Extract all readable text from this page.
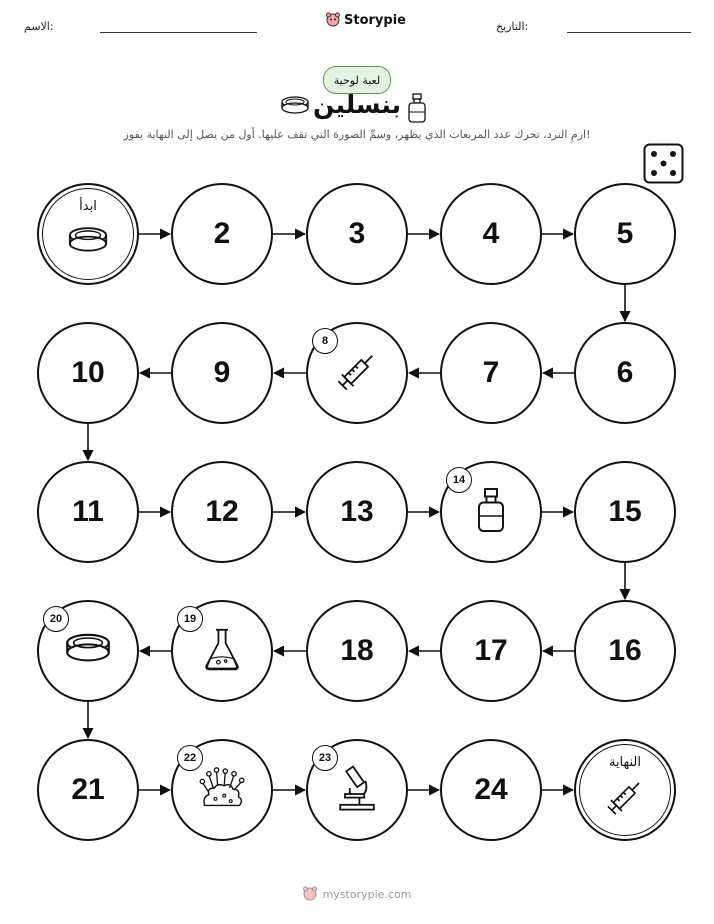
الاسم:	Storypie	التاريخ:
لعبة لوحية
بنسلين
ارمِ النرد، تحرك عدد المربعات الذي يظهر، وسمِّ الصورة التي تقف عليها. أول من يصل إلى النهاية يفوز!
ابدأ
2	3	4	5
6
7
8
9
10
11	12	13
14
15
16
17
18
19
20
21
22	23
24
النهاية
mystorypie.com
